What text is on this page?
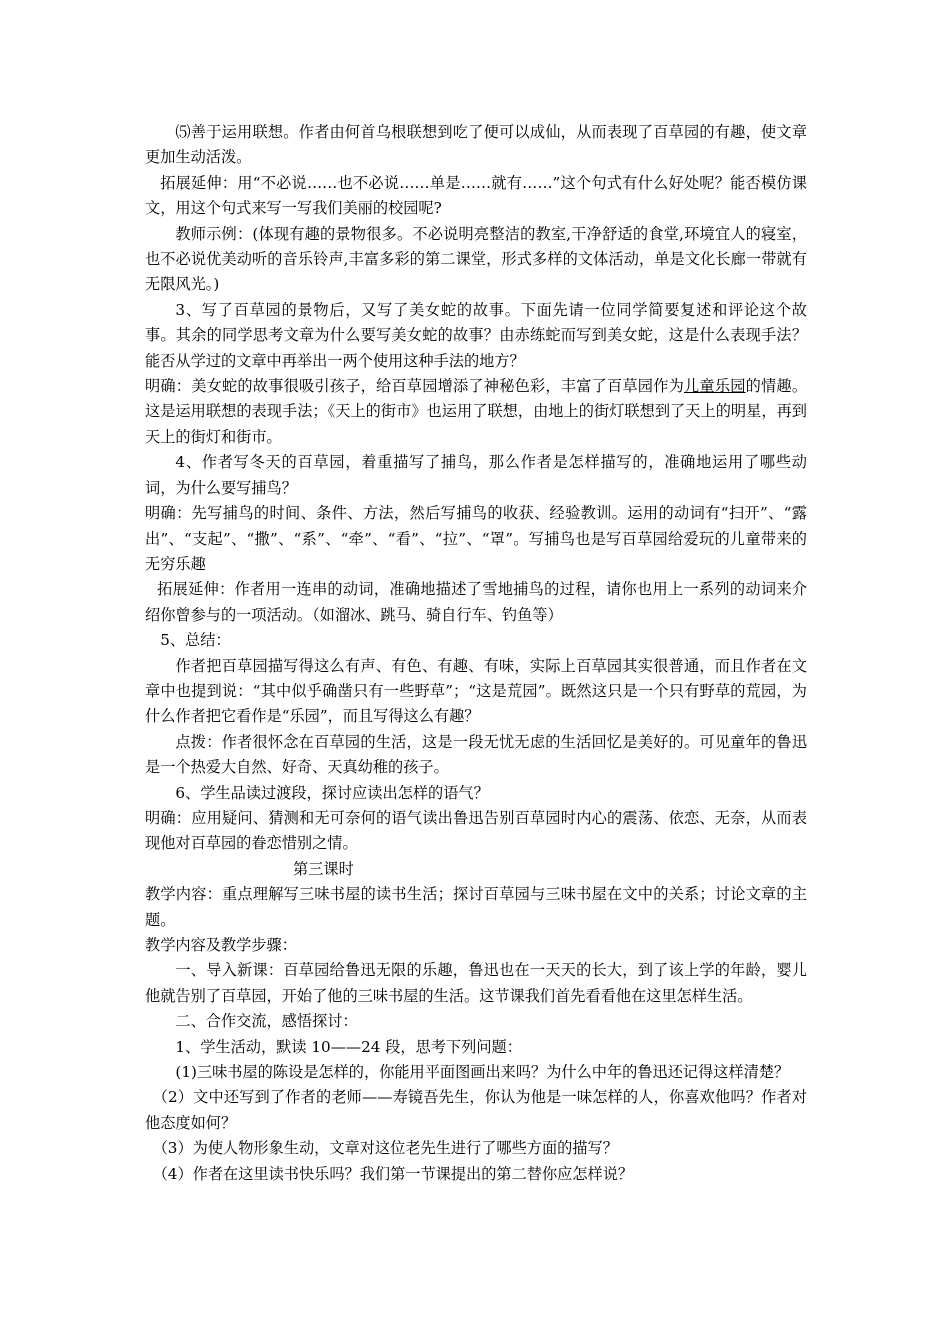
⑸善于运用联想。作者由何首乌根联想到吃了便可以成仙，从而表现了百草园的有趣，使文章更加生动活泼。

拓展延伸：用“不必说……也不必说……单是……就有……”这个句式有什么好处呢？能否模仿课文，用这个句式来写一写我们美丽的校园呢?

教师示例：(体现有趣的景物很多。不必说明亮整洁的教室,干净舒适的食堂,环境宜人的寝室，也不必说优美动听的音乐铃声,丰富多彩的第二课堂，形式多样的文体活动，单是文化长廊一带就有无限风光。)

3、写了百草园的景物后，又写了美女蛇的故事。下面先请一位同学简要复述和评论这个故事。其余的同学思考文章为什么要写美女蛇的故事？由赤练蛇而写到美女蛇，这是什么表现手法？能否从学过的文章中再举出一两个使用这种手法的地方？

明确：美女蛇的故事很吸引孩子，给百草园增添了神秘色彩，丰富了百草园作为儿童乐园的情趣。这是运用联想的表现手法；《天上的街市》也运用了联想，由地上的街灯联想到了天上的明星，再到天上的街灯和街市。

4、作者写冬天的百草园，着重描写了捕鸟，那么作者是怎样描写的，准确地运用了哪些动词，为什么要写捕鸟？

明确：先写捕鸟的时间、条件、方法，然后写捕鸟的收获、经验教训。运用的动词有“扫开”、“露出”、“支起”、“撒”、“系”、“牵”、“看”、“拉”、“罩”。写捕鸟也是写百草园给爱玩的儿童带来的无穷乐趣

拓展延伸：作者用一连串的动词，准确地描述了雪地捕鸟的过程，请你也用上一系列的动词来介绍你曾参与的一项活动。（如溜冰、跳马、骑自行车、钓鱼等）

5、总结：

作者把百草园描写得这么有声、有色、有趣、有味，实际上百草园其实很普通，而且作者在文章中也提到说：“其中似乎确凿只有一些野草”；“这是荒园”。既然这只是一个只有野草的荒园，为什么作者把它看作是“乐园”，而且写得这么有趣？

点拨：作者很怀念在百草园的生活，这是一段无忧无虑的生活回忆是美好的。可见童年的鲁迅是一个热爱大自然、好奇、天真幼稚的孩子。

6、学生品读过渡段，探讨应读出怎样的语气？

明确：应用疑问、猜测和无可奈何的语气读出鲁迅告别百草园时内心的震荡、依恋、无奈，从而表现他对百草园的眷恋惜别之情。

第三课时

教学内容：重点理解写三味书屋的读书生活；探讨百草园与三味书屋在文中的关系；讨论文章的主题。

教学内容及教学步骤：

一、导入新课：百草园给鲁迅无限的乐趣，鲁迅也在一天天的长大，到了该上学的年龄，婴儿他就告别了百草园，开始了他的三味书屋的生活。这节课我们首先看看他在这里怎样生活。

二、合作交流，感悟探讨：

1、学生活动，默读 10——24 段，思考下列问题：

(1)三味书屋的陈设是怎样的，你能用平面图画出来吗？为什么中年的鲁迅还记得这样清楚？

（2）文中还写到了作者的老师——寿镜吾先生，你认为他是一味怎样的人，你喜欢他吗？作者对他态度如何？

（3）为使人物形象生动，文章对这位老先生进行了哪些方面的描写？

（4）作者在这里读书快乐吗？我们第一节课提出的第二替你应怎样说？
